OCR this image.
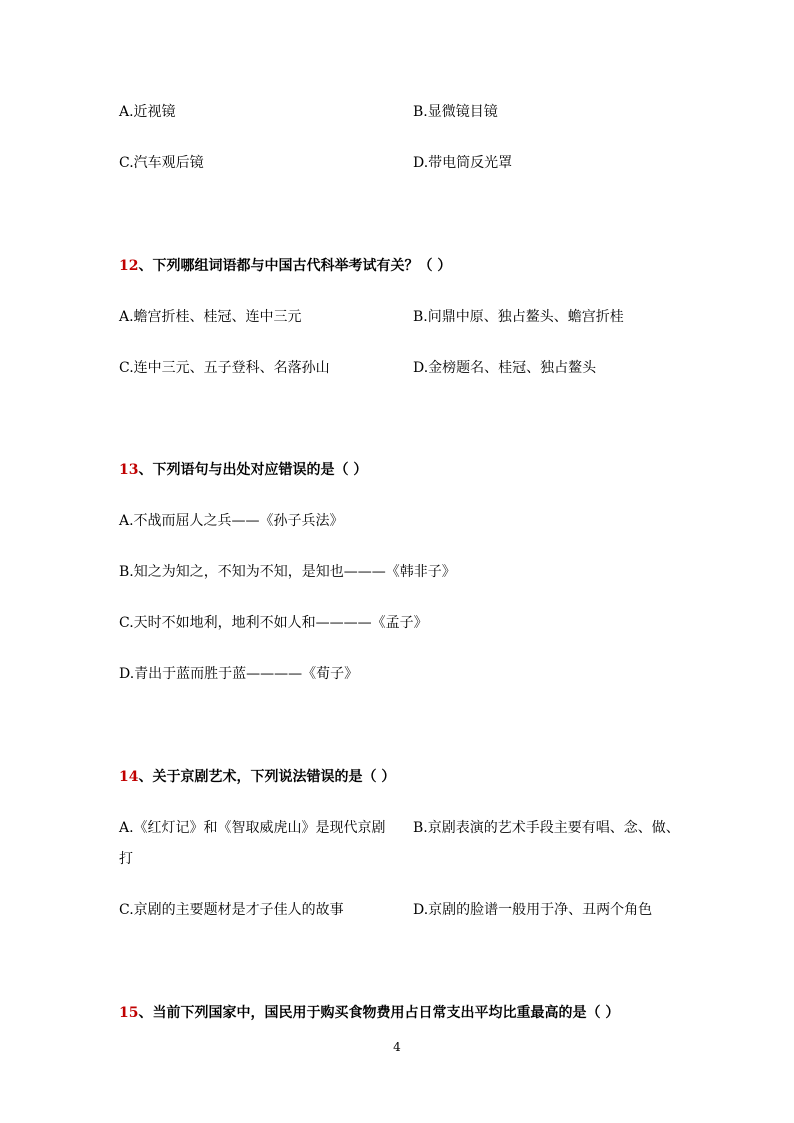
A.近视镜	B.显微镜目镜
C.汽车观后镜	D.带电筒反光罩
12、下列哪组词语都与中国古代科举考试有关？（ ）
A.蟾宫折桂、桂冠、连中三元	B.问鼎中原、独占鳌头、蟾宫折桂
C.连中三元、五子登科、名落孙山	D.金榜题名、桂冠、独占鳌头
13、下列语句与出处对应错误的是（ ）
A.不战而屈人之兵——《孙子兵法》
B.知之为知之，不知为不知，是知也———《韩非子》
C.天时不如地利，地利不如人和————《孟子》
D.青出于蓝而胜于蓝————《荀子》
14、关于京剧艺术，下列说法错误的是（ ）
A.《红灯记》和《智取威虎山》是现代京剧 B.京剧表演的艺术手段主要有唱、念、做、
打
C.京剧的主要题材是才子佳人的故事	D.京剧的脸谱一般用于净、丑两个角色
15、当前下列国家中，国民用于购买食物费用占日常支出平均比重最高的是（ ）
4
